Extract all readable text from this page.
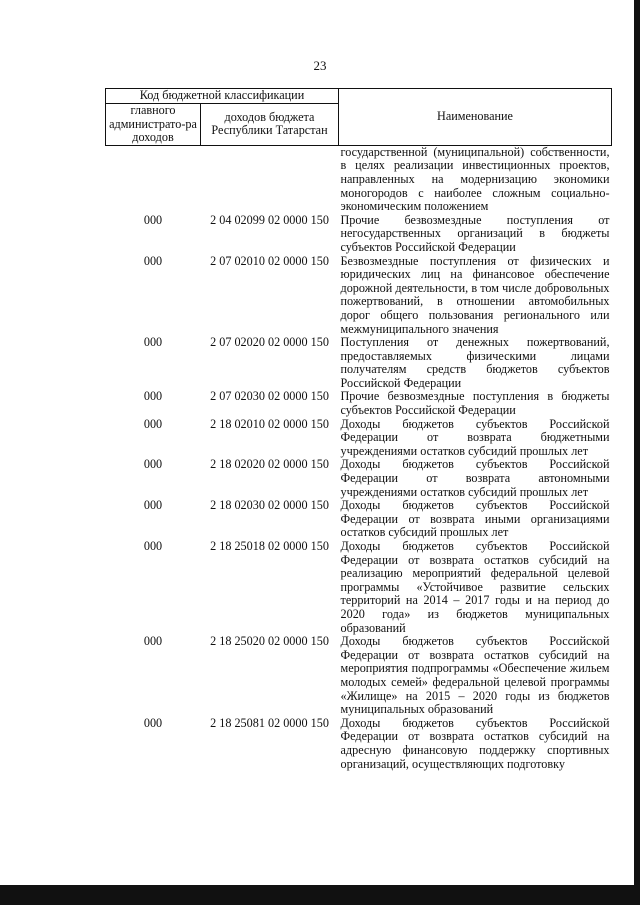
23
Код бюджетной классификации		Наименование
главного администрато-ра доходов	доходов бюджета Республики Татарстан	
		государственной (муниципальной) собственности, в целях реализации инвестиционных проектов, направленных на модернизацию экономики моногородов с наиболее сложным социально-экономическим положением
000	2 04 02099 02 0000 150	Прочие безвозмездные поступления от негосударственных организаций в бюджеты субъектов Российской Федерации
000	2 07 02010 02 0000 150	Безвозмездные поступления от физических и юридических лиц на финансовое обеспечение дорожной деятельности, в том числе добровольных пожертвований, в отношении автомобильных дорог общего пользования регионального или межмуниципального значения
000	2 07 02020 02 0000 150	Поступления от денежных пожертвований, предоставляемых физическими лицами получателям средств бюджетов субъектов Российской Федерации
000	2 07 02030 02 0000 150	Прочие безвозмездные поступления в бюджеты субъектов Российской Федерации
000	2 18 02010 02 0000 150	Доходы бюджетов субъектов Российской Федерации от возврата бюджетными учреждениями остатков субсидий прошлых лет
000	2 18 02020 02 0000 150	Доходы бюджетов субъектов Российской Федерации от возврата автономными учреждениями остатков субсидий прошлых лет
000	2 18 02030 02 0000 150	Доходы бюджетов субъектов Российской Федерации от возврата иными организациями остатков субсидий прошлых лет
000	2 18 25018 02 0000 150	Доходы бюджетов субъектов Российской Федерации от возврата остатков субсидий на реализацию мероприятий федеральной целевой программы «Устойчивое развитие сельских территорий на 2014 – 2017 годы и на период до 2020 года» из бюджетов муниципальных образований
000	2 18 25020 02 0000 150	Доходы бюджетов субъектов Российской Федерации от возврата остатков субсидий на мероприятия подпрограммы «Обеспечение жильем молодых семей» федеральной целевой программы «Жилище» на 2015 – 2020 годы из бюджетов муниципальных образований
000	2 18 25081 02 0000 150	Доходы бюджетов субъектов Российской Федерации от возврата остатков субсидий на адресную финансовую поддержку спортивных организаций, осуществляющих подготовку
